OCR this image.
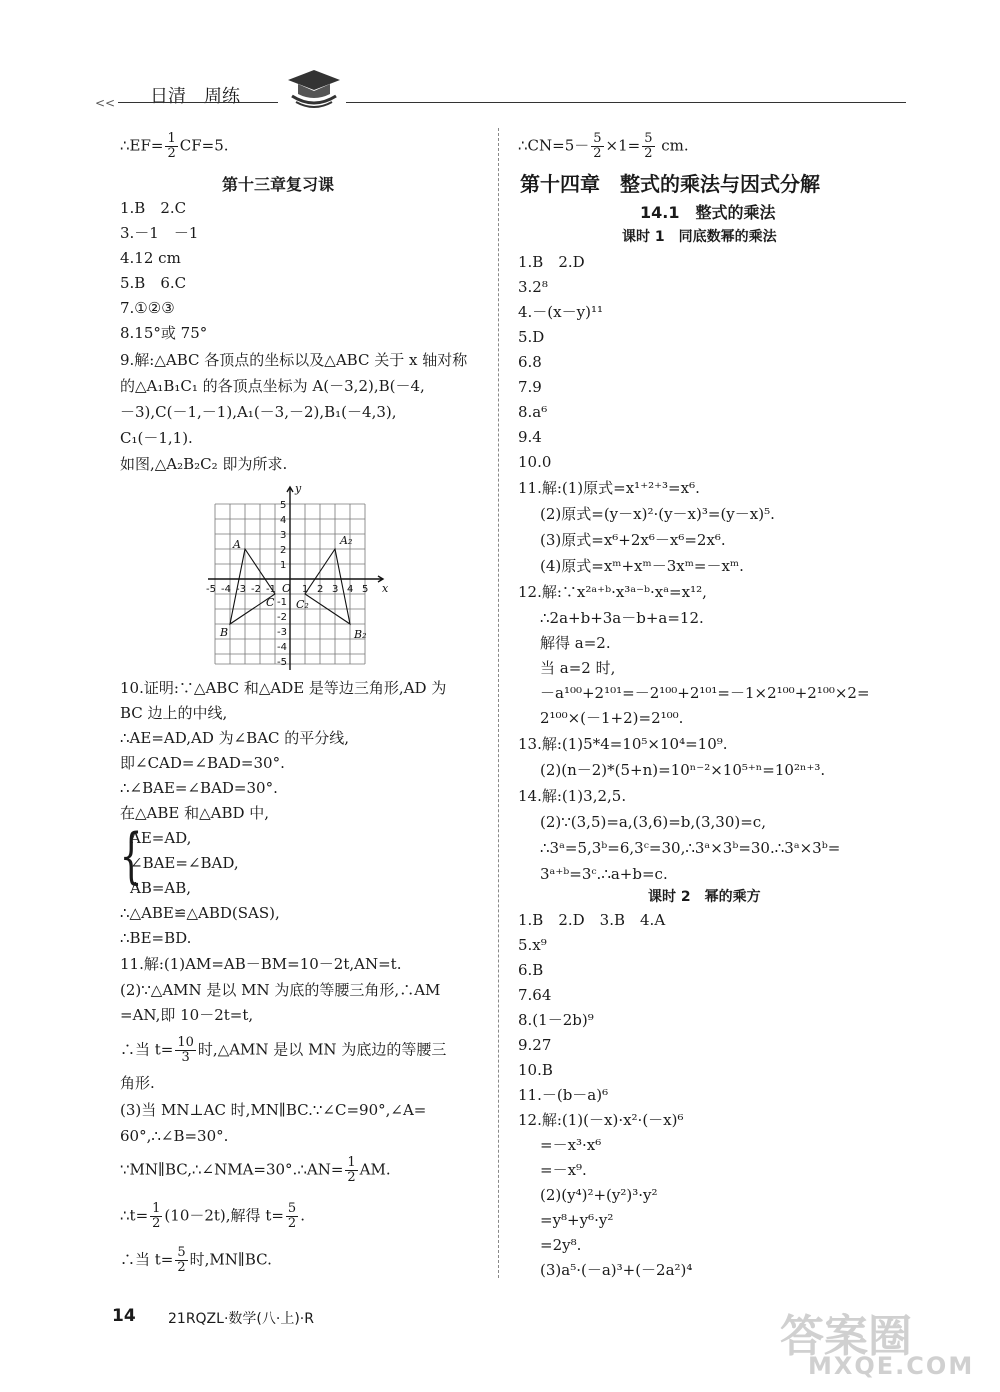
<< 日清　周练
∴EF= $\frac{1}{2} CF=5$.
第十三章复习课
1.B　2.C
3.－1　－1
4.12 cm
5.B　6.C
7.①②③
8.15°或 75°
9.解:△ABC 各顶点的坐标以及△ABC 关于 x 轴对称
的△A₁B₁C₁ 的各顶点坐标为 A(－3,2),B(－4,
－3),C(－1,－1),A₁(－3,－2),B₁(－4,3),
C₁(－1,1).
如图,△A₂B₂C₂ 即为所求.
y
x
O
A
B
C
A₂
B₂
C₂
-5 -4 -3 -2 -1	1 2 3 4 5
5
4
3
2
1
-1
-2
-3
-4
-5
10.证明:∵△ABC 和△ADE 是等边三角形,AD 为
BC 边上的中线,
∴AE=AD,AD 为∠BAC 的平分线,
即∠CAD=∠BAD=30°.
∴∠BAE=∠BAD=30°.
在△ABE 和△ABD 中,
{
AE=AD,
∠BAE=∠BAD,
AB=AB,
∴△ABE≌△ABD(SAS),
∴BE=BD.
11.解:(1)AM=AB－BM=10－2t,AN=t.
(2)∵△AMN 是以 MN 为底的等腰三角形,∴AM
=AN,即 10－2t=t,
∴当 $t= \frac{10}{3}$ 时,△AMN 是以 MN 为底边的等腰三
角形.
(3)当 MN⊥AC 时,MN∥BC.∵∠C=90°,∠A=
60°,∴∠B=30°.
∵MN∥BC,∴∠NMA=30°.∴AN= $\frac{1}{2}$ AM.
∴t= $\frac{1}{2} (10-2t)$,解得 $t= \frac{5}{2}$ .
∴当 $t= \frac{5}{2}$ 时,MN∥BC.
∴CN=5－ $\frac{5}{2} \times 1= \frac{5}{2}$ cm.
第十四章　整式的乘法与因式分解
14.1　整式的乘法
课时 1　同底数幂的乘法
1.B　2.D
3.2⁸
4.－(x－y)¹¹
5.D
6.8
7.9
8.a⁶
9.4
10.0
11.解:(1)原式=x¹⁺²⁺³=x⁶.
(2)原式=(y－x)²·(y－x)³=(y－x)⁵.
(3)原式=x⁶+2x⁶－x⁶=2x⁶.
(4)原式=xᵐ+xᵐ－3xᵐ=－xᵐ.
12.解:∵x²ᵃ⁺ᵇ·x³ᵃ⁻ᵇ·xᵃ=x¹²,
∴2a+b+3a－b+a=12.
解得 a=2.
当 a=2 时,
－a¹⁰⁰+2¹⁰¹=－2¹⁰⁰+2¹⁰¹=－1×2¹⁰⁰+2¹⁰⁰×2=
2¹⁰⁰×(－1+2)=2¹⁰⁰.
13.解:(1)5*4=10⁵×10⁴=10⁹.
(2)(n－2)*(5+n)=10ⁿ⁻²×10⁵⁺ⁿ=10²ⁿ⁺³.
14.解:(1)3,2,5.
(2)∵(3,5)=a,(3,6)=b,(3,30)=c,
∴3ᵃ=5,3ᵇ=6,3ᶜ=30,∴3ᵃ×3ᵇ=30.∴3ᵃ×3ᵇ=
3ᵃ⁺ᵇ=3ᶜ.∴a+b=c.
课时 2　幂的乘方
1.B　2.D　3.B　4.A
5.x⁹
6.B
7.64
8.(1－2b)⁹
9.27
10.B
11.－(b－a)⁶
12.解:(1)(－x)·x²·(－x)⁶
=－x³·x⁶
=－x⁹.
(2)(y⁴)²+(y²)³·y²
=y⁸+y⁶·y²
=2y⁸.
(3)a⁵·(－a)³+(－2a²)⁴
14 21RQZL·数学(八·上)·R	答案圈
MXQE.COM
